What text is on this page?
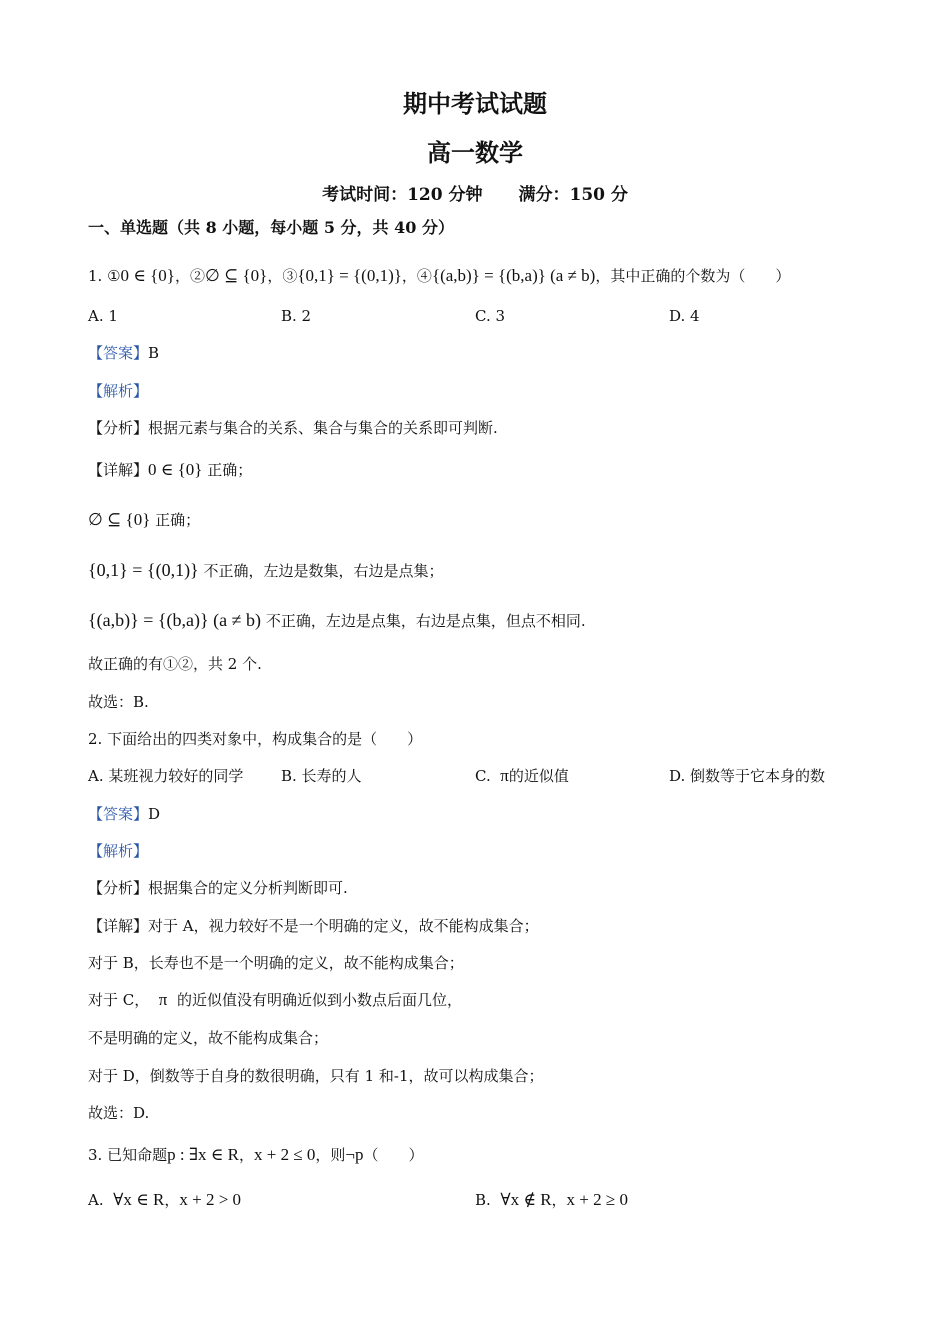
期中考试试题
高一数学
考试时间：120 分钟 满分：150 分
一、单选题（共 8 小题，每小题 5 分，共 40 分）
1. ①0 ∈ {0}，②∅ ⊆ {0}，③{0,1} = {(0,1)}，④{(a,b)} = {(b,a)} (a ≠ b)，其中正确的个数为（　　）
A. 1	B. 2	C. 3	D. 4
【答案】B
【解析】
【分析】根据元素与集合的关系、集合与集合的关系即可判断.
【详解】0 ∈ {0} 正确；
∅ ⊆ {0} 正确；
{0,1} = {(0,1)} 不正确，左边是数集，右边是点集；
{(a,b)} = {(b,a)} (a ≠ b) 不正确，左边是点集，右边是点集，但点不相同.
故正确的有①②，共 2 个.
故选：B.
2. 下面给出的四类对象中，构成集合的是（　　）
A. 某班视力较好的同学	B. 长寿的人	C. π的近似值	D. 倒数等于它本身的数
【答案】D
【解析】
【分析】根据集合的定义分析判断即可.
【详解】对于 A，视力较好不是一个明确的定义，故不能构成集合；
对于 B，长寿也不是一个明确的定义，故不能构成集合；
对于 C， π 的近似值没有明确近似到小数点后面几位，
不是明确的定义，故不能构成集合；
对于 D，倒数等于自身的数很明确，只有 1 和-1，故可以构成集合；
故选：D.
3. 已知命题p : ∃x ∈ R，x + 2 ≤ 0，则¬p（　　）
A. ∀x ∈ R，x + 2 > 0	B. ∀x ∉ R，x + 2 ≥ 0
